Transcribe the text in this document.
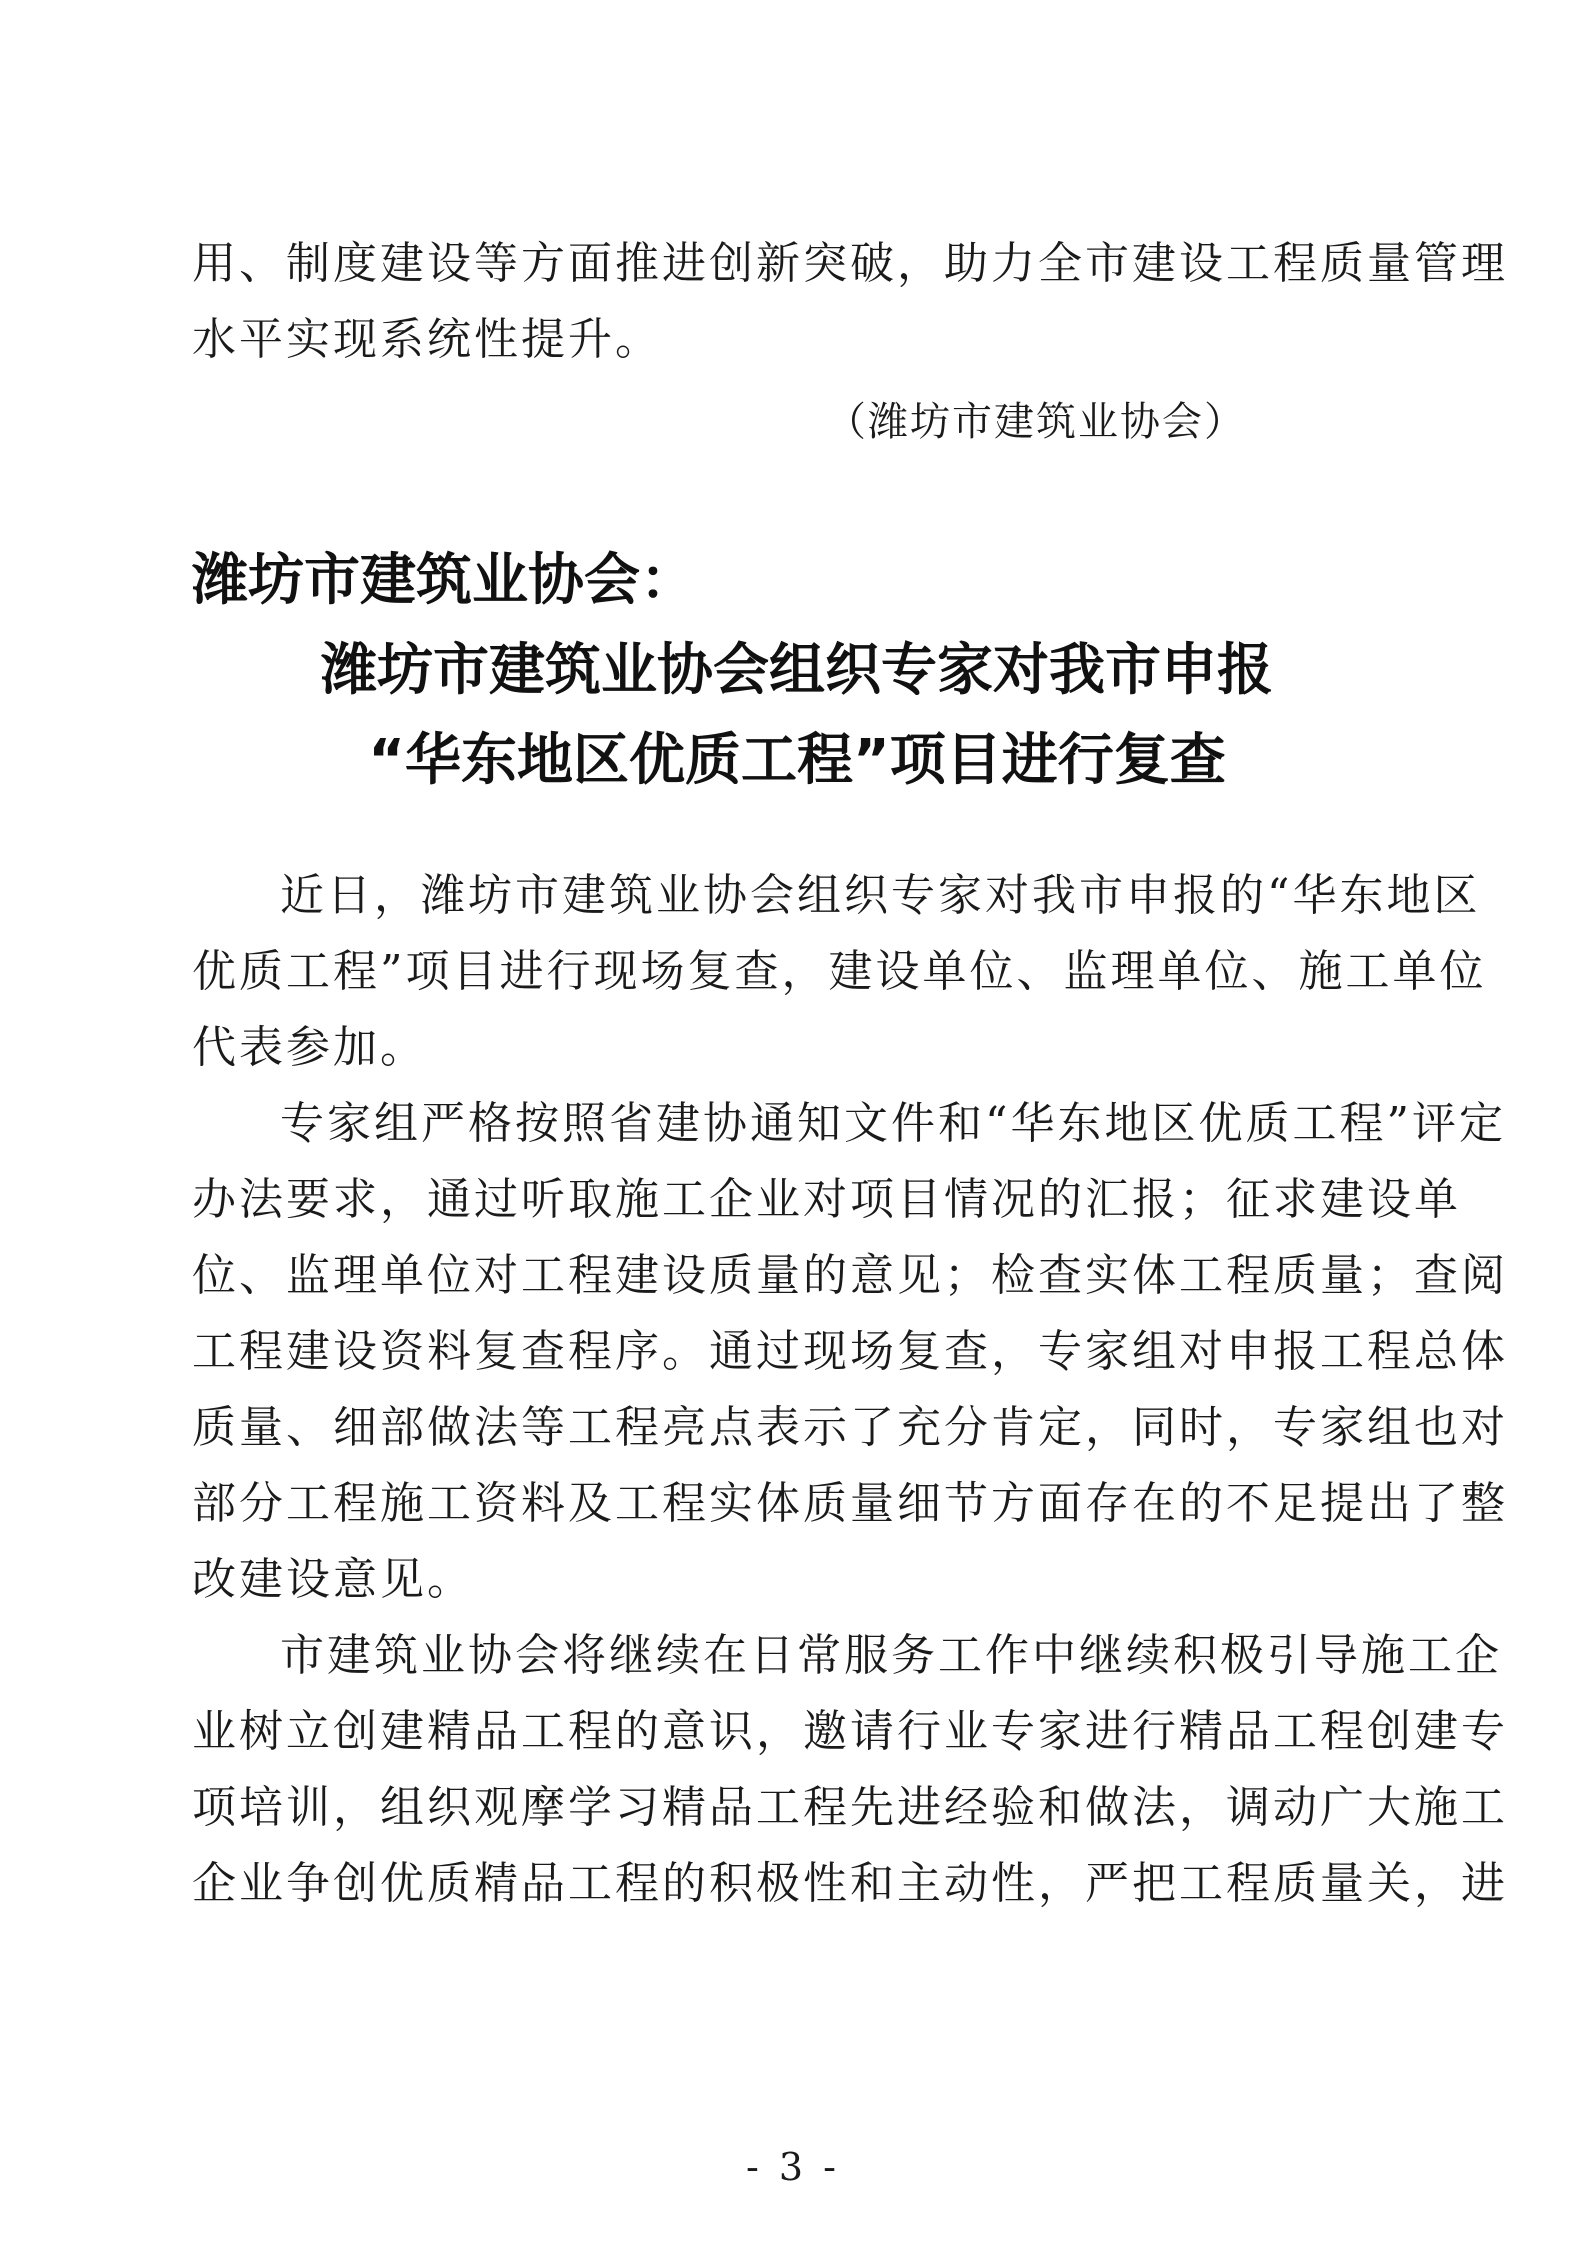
用、制度建设等方面推进创新突破，助力全市建设工程质量管理
水平实现系统性提升。
（潍坊市建筑业协会）
潍坊市建筑业协会：
潍坊市建筑业协会组织专家对我市申报
“华东地区优质工程”项目进行复查
近日，潍坊市建筑业协会组织专家对我市申报的“华东地区
优质工程”项目进行现场复查，建设单位、监理单位、施工单位
代表参加。
专家组严格按照省建协通知文件和“华东地区优质工程”评定
办法要求，通过听取施工企业对项目情况的汇报；征求建设单
位、监理单位对工程建设质量的意见；检查实体工程质量；查阅
工程建设资料复查程序。通过现场复查，专家组对申报工程总体
质量、细部做法等工程亮点表示了充分肯定，同时，专家组也对
部分工程施工资料及工程实体质量细节方面存在的不足提出了整
改建设意见。
市建筑业协会将继续在日常服务工作中继续积极引导施工企
业树立创建精品工程的意识，邀请行业专家进行精品工程创建专
项培训，组织观摩学习精品工程先进经验和做法，调动广大施工
企业争创优质精品工程的积极性和主动性，严把工程质量关，进
- 3 -
